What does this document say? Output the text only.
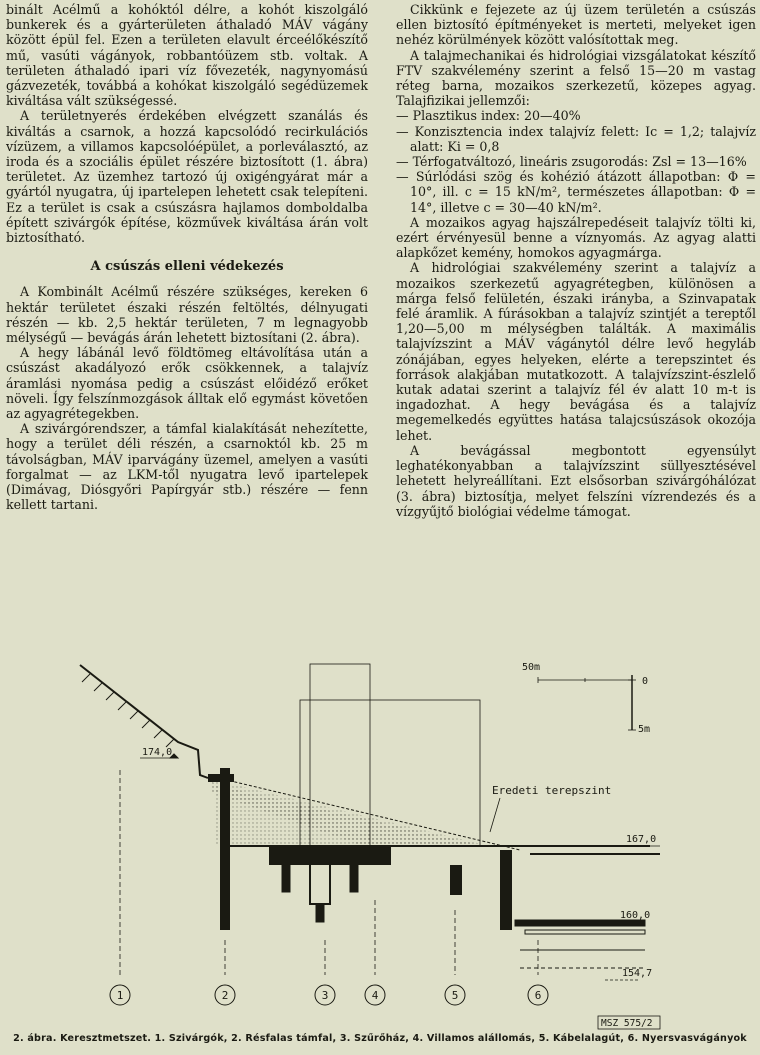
binált Acélmű a kohóktól délre, a kohót kiszolgáló bunkerek és a gyárterületen áthaladó MÁV vágány között épül fel. Ezen a területen elavult érceélőkészítő mű, vasúti vágányok, robbantóüzem stb. voltak. A területen áthaladó ipari víz fővezeték, nagynyomású gázvezeték, továbbá a kohókat kiszolgáló segédüzemek kiváltása vált szükségessé.

A területnyerés érdekében elvégzett szanálás és kiváltás a csarnok, a hozzá kapcsolódó recirkulációs vízüzem, a villamos kapcsolóépület, a porleválasztó, az iroda és a szociális épület részére biztosított (1. ábra) területet. Az üzemhez tartozó új oxigéngyárat már a gyártól nyugatra, új ipartelepen lehetett csak telepíteni. Ez a terület is csak a csúszásra hajlamos domboldalba épített szivárgók építése, közművek kiváltása árán volt biztosítható.

A csúszás elleni védekezés

A Kombinált Acélmű részére szükséges, kereken 6 hektár területet északi részén feltöltés, délnyugati részén — kb. 2,5 hektár területen, 7 m legnagyobb mélységű — bevágás árán lehetett biztosítani (2. ábra).

A hegy lábánál levő földtömeg eltávolítása után a csúszást akadályozó erők csökkennek, a talajvíz áramlási nyomása pedig a csúszást előidéző erőket növeli. Így felszínmozgások álltak elő egymást követően az agyagrétegekben.

A szivárgórendszer, a támfal kialakítását nehezítette, hogy a terület déli részén, a csarnoktól kb. 25 m távolságban, MÁV iparvágány üzemel, amelyen a vasúti forgalmat — az LKM-től nyugatra levő ipartelepek (Dimávag, Diósgyőri Papírgyár stb.) részére — fenn kellett tartani.

Cikkünk e fejezete az új üzem területén a csúszás ellen biztosító építményeket is merteti, melyeket igen nehéz körülmények között valósítottak meg.

A talajmechanikai és hidrológiai vizsgálatokat készítő FTV szakvélemény szerint a felső 15—20 m vastag réteg barna, mozaikos szerkezetű, közepes agyag. Talajfizikai jellemzői:

— Plasztikus index: 20—40%
— Konzisztencia index talajvíz felett: Ic = 1,2; talajvíz alatt: Ki = 0,8
— Térfogatváltozó, lineáris zsugorodás: Zsl = 13—16%
— Súrlódási szög és kohézió átázott állapotban: Φ = 10°, ill. c = 15 kN/m², természetes állapotban: Φ = 14°, illetve c = 30—40 kN/m².

A mozaikos agyag hajszálrepedéseit talajvíz tölti ki, ezért érvényesül benne a víznyomás. Az agyag alatti alapkőzet kemény, homokos agyagmárga.

A hidrológiai szakvélemény szerint a talajvíz a mozaikos szerkezetű agyagrétegben, különösen a márga felső felületén, északi irányba, a Szinvapatak felé áramlik. A fúrásokban a talajvíz szintjét a tereptől 1,20—5,00 m mélységben találták. A maximális talajvízszint a MÁV vágánytól délre levő hegyláb zónájában, egyes helyeken, elérte a terepszintet és források alakjában mutatkozott. A talajvízszint-észlelő kutak adatai szerint a talajvíz fél év alatt 10 m-t is ingadozhat. A hegy bevágása és a talajvíz megemelkedés együttes hatása talajcsúszások okozója lehet.

A bevágással megbontott egyensúlyt leghatékonyabban a talajvízszint süllyesztésével lehetett helyreállítani. Ezt elsősorban szivárgóhálózat (3. ábra) biztosítja, melyet felszíni vízrendezés és a vízgyűjtő biológiai védelme támogat.

Eredeti terepszint
174,0
167,0
160,0
154,7
50m
0
5m
1	2	3	4	5	6
MSZ 575/2
2. ábra. Keresztmetszet. 1. Szivárgók, 2. Résfalas támfal, 3. Szűrőház, 4. Villamos alállomás, 5. Kábelalagút, 6. Nyersvasvágányok
